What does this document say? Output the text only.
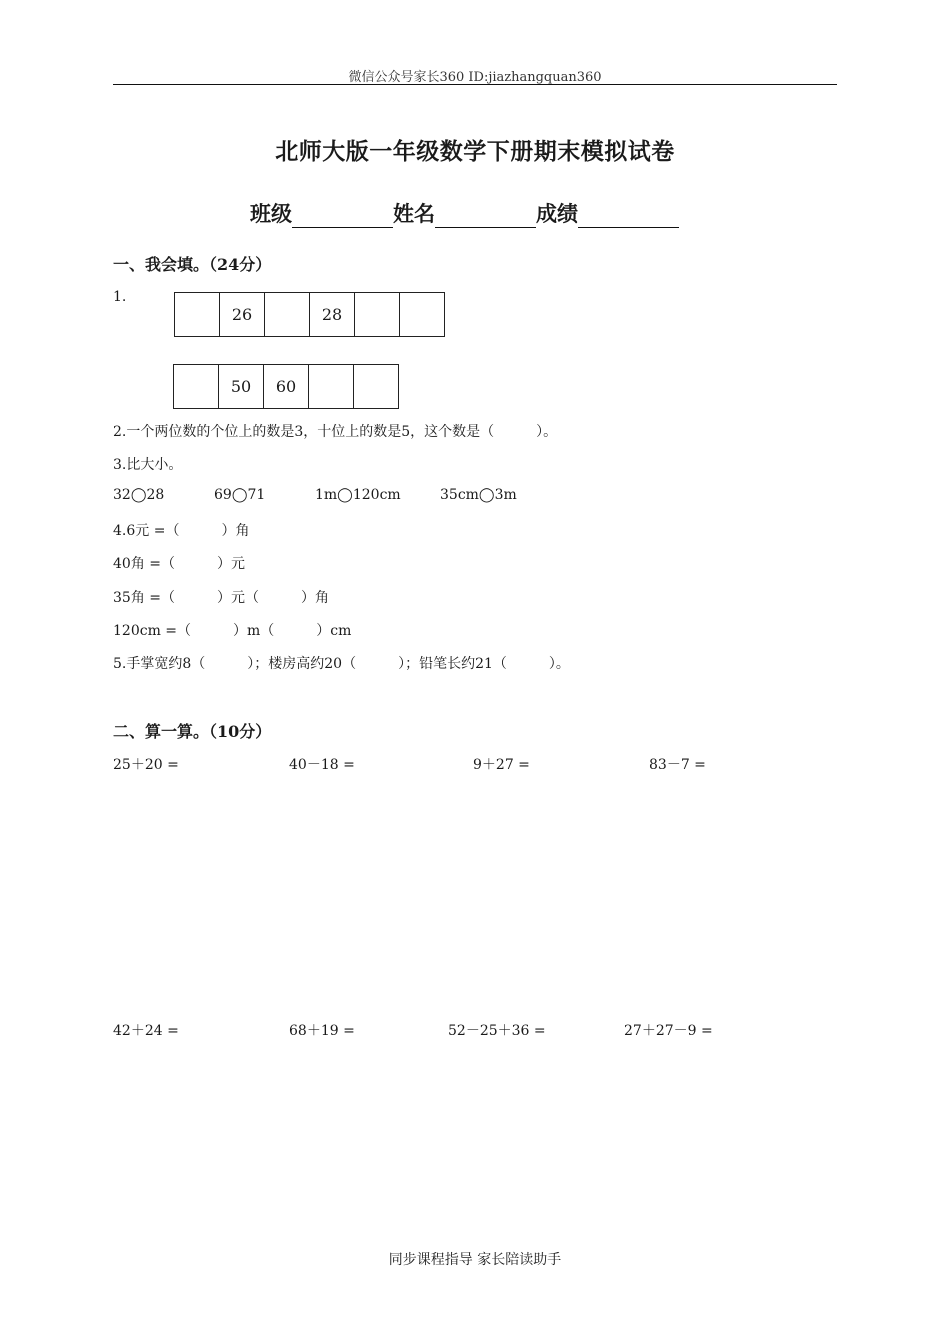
微信公众号家长360 ID:jiazhangquan360
北师大版一年级数学下册期末模拟试卷
班级	姓名	成绩
一、我会填。（24分）
1.
	26		28		
	50	60		
2.一个两位数的个位上的数是3，十位上的数是5，这个数是（　　　）。
3.比大小。
32◯28	69◯71	1m◯120cm	35cm◯3m
4.6元 =（　　　）角
40角 =（　　　）元
35角 =（　　　）元（　　　）角
120cm =（　　　）m（　　　）cm
5.手掌宽约8（　　　）；楼房高约20（　　　）；铅笔长约21（　　　）。
二、算一算。（10分）
25＋20 =	40－18 =	9＋27 =	83－7 =
42＋24 =	68＋19 =	52－25＋36 =	27＋27－9 =
同步课程指导 家长陪读助手
